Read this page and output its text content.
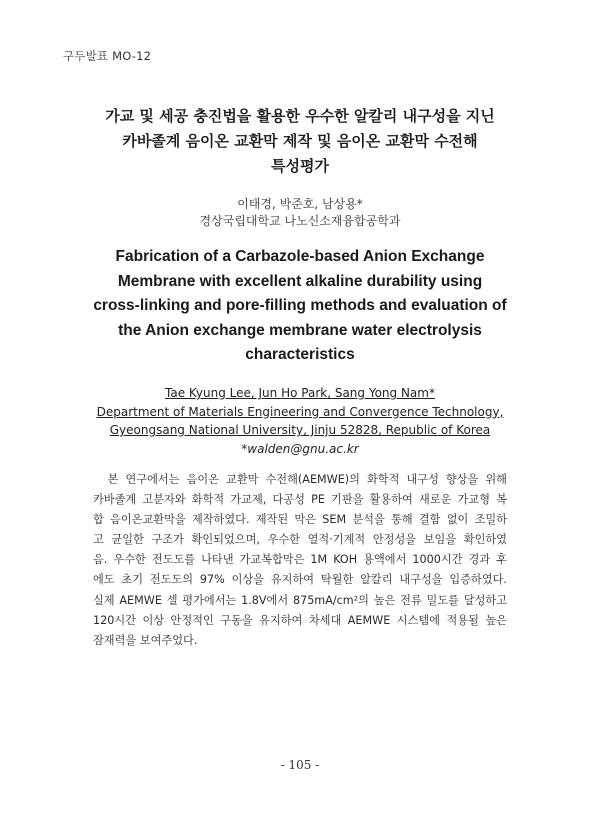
구두발표 MO-12
가교 및 세공 충진법을 활용한 우수한 알칼리 내구성을 지닌
카바졸계 음이온 교환막 제작 및 음이온 교환막 수전해
특성평가
이태경, 박준호, 남상용*
경상국립대학교 나노신소재융합공학과
Fabrication of a Carbazole-based Anion Exchange
Membrane with excellent alkaline durability using
cross-linking and pore-filling methods and evaluation of
the Anion exchange membrane water electrolysis
characteristics
Tae Kyung Lee, Jun Ho Park, Sang Yong Nam*
Department of Materials Engineering and Convergence Technology,
Gyeongsang National University, Jinju 52828, Republic of Korea
*walden@gnu.ac.kr
　본 연구에서는 음이온 교환막 수전해(AEMWE)의 화학적 내구성 향상을 위해
카바졸계 고분자와 화학적 가교제, 다공성 PE 기판을 활용하여 새로운 가교형 복
합 음이온교환막을 제작하였다. 제작된 막은 SEM 분석을 통해 결함 없이 조밀하
고 균일한 구조가 확인되었으며, 우수한 열적·기계적 안정성을 보임을 확인하였
음. 우수한 전도도를 나타낸 가교복합막은 1M KOH 용액에서 1000시간 경과 후
에도 초기 전도도의 97% 이상을 유지하여 탁월한 알칼리 내구성을 입증하였다.
실제 AEMWE 셀 평가에서는 1.8V에서 875mA/cm²의 높은 전류 밀도를 달성하고
120시간 이상 안정적인 구동을 유지하여 차세대 AEMWE 시스템에 적용될 높은
잠재력을 보여주었다.
- 105 -
